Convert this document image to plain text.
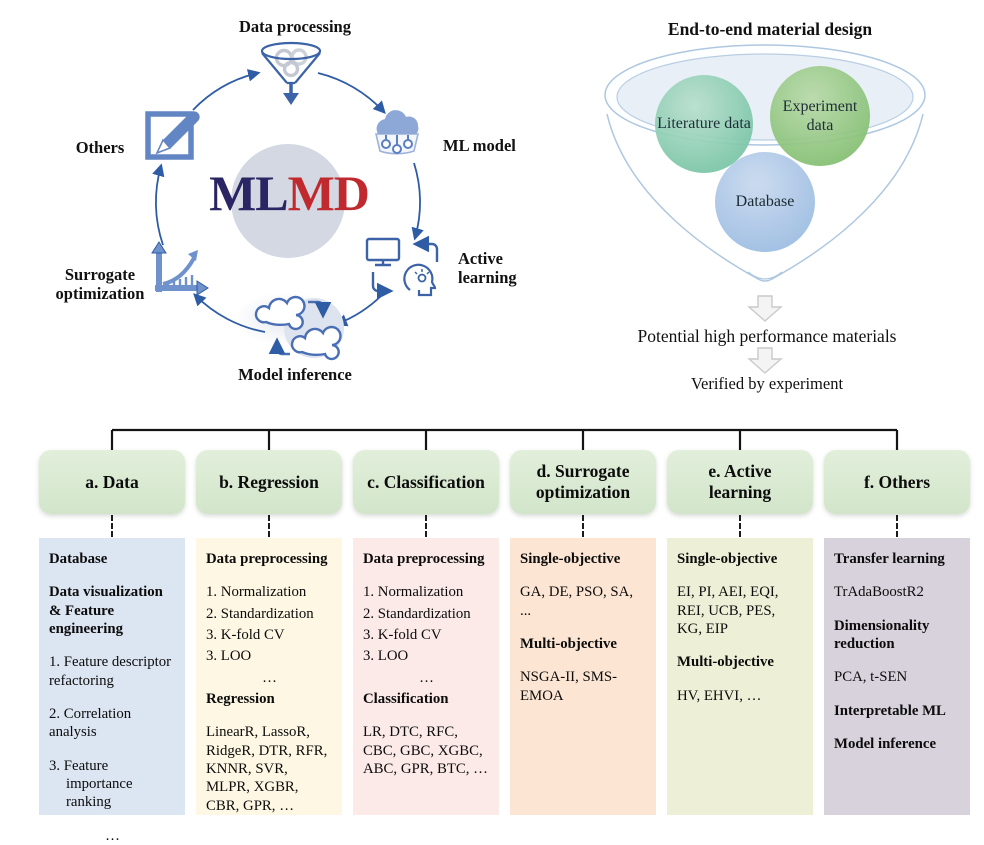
MLMD
Data processing
ML model
Active learning
Model inference
Surrogate optimization
Others
End-to-end material design
Literature data
Experiment data
Database
Potential high performance materials
Verified by experiment
a. Data	b. Regression	c. Classification
d. Surrogate optimization
e. Active learning
f. Others
Database
Data visualization & Feature engineering
1. Feature descriptor refactoring
2. Correlation analysis
3. Feature importance ranking
…
Data preprocessing
1. Normalization
2. Standardization
3. K-fold CV
3. LOO
…
Regression
LinearR, LassoR, RidgeR, DTR, RFR, KNNR, SVR, MLPR, XGBR, CBR, GPR, …
Data preprocessing
1. Normalization
2. Standardization
3. K-fold CV
3. LOO
…
Classification
LR, DTC, RFC, CBC, GBC, XGBC, ABC, GPR, BTC, …
Single-objective
GA, DE, PSO, SA, ...
Multi-objective
NSGA-II, SMS-EMOA
Single-objective
EI, PI, AEI, EQI, REI, UCB, PES, KG, EIP
Multi-objective
HV, EHVI, …
Transfer learning
TrAdaBoostR2
Dimensionality reduction
PCA, t-SEN
Interpretable ML
Model inference
